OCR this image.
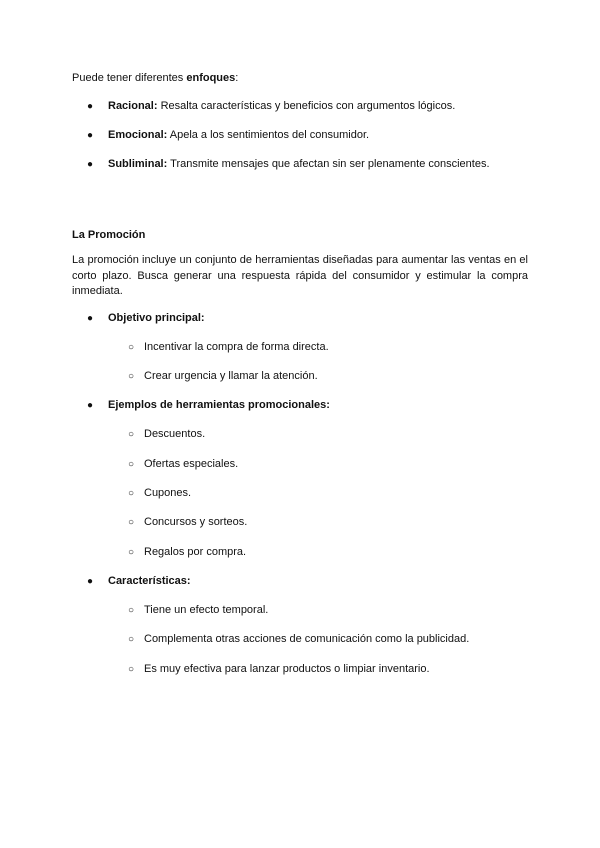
Puede tener diferentes enfoques:
●	Racional: Resalta características y beneficios con argumentos lógicos.
●	Emocional: Apela a los sentimientos del consumidor.
●	Subliminal: Transmite mensajes que afectan sin ser plenamente conscientes.
La Promoción
La promoción incluye un conjunto de herramientas diseñadas para aumentar las ventas en el corto plazo. Busca generar una respuesta rápida del consumidor y estimular la compra inmediata.
●	Objetivo principal:
○ Incentivar la compra de forma directa.
○ Crear urgencia y llamar la atención.
●	Ejemplos de herramientas promocionales:
○ Descuentos.
○ Ofertas especiales.
○ Cupones.
○ Concursos y sorteos.
○ Regalos por compra.
●	Características:
○ Tiene un efecto temporal.
○ Complementa otras acciones de comunicación como la publicidad.
○ Es muy efectiva para lanzar productos o limpiar inventario.
